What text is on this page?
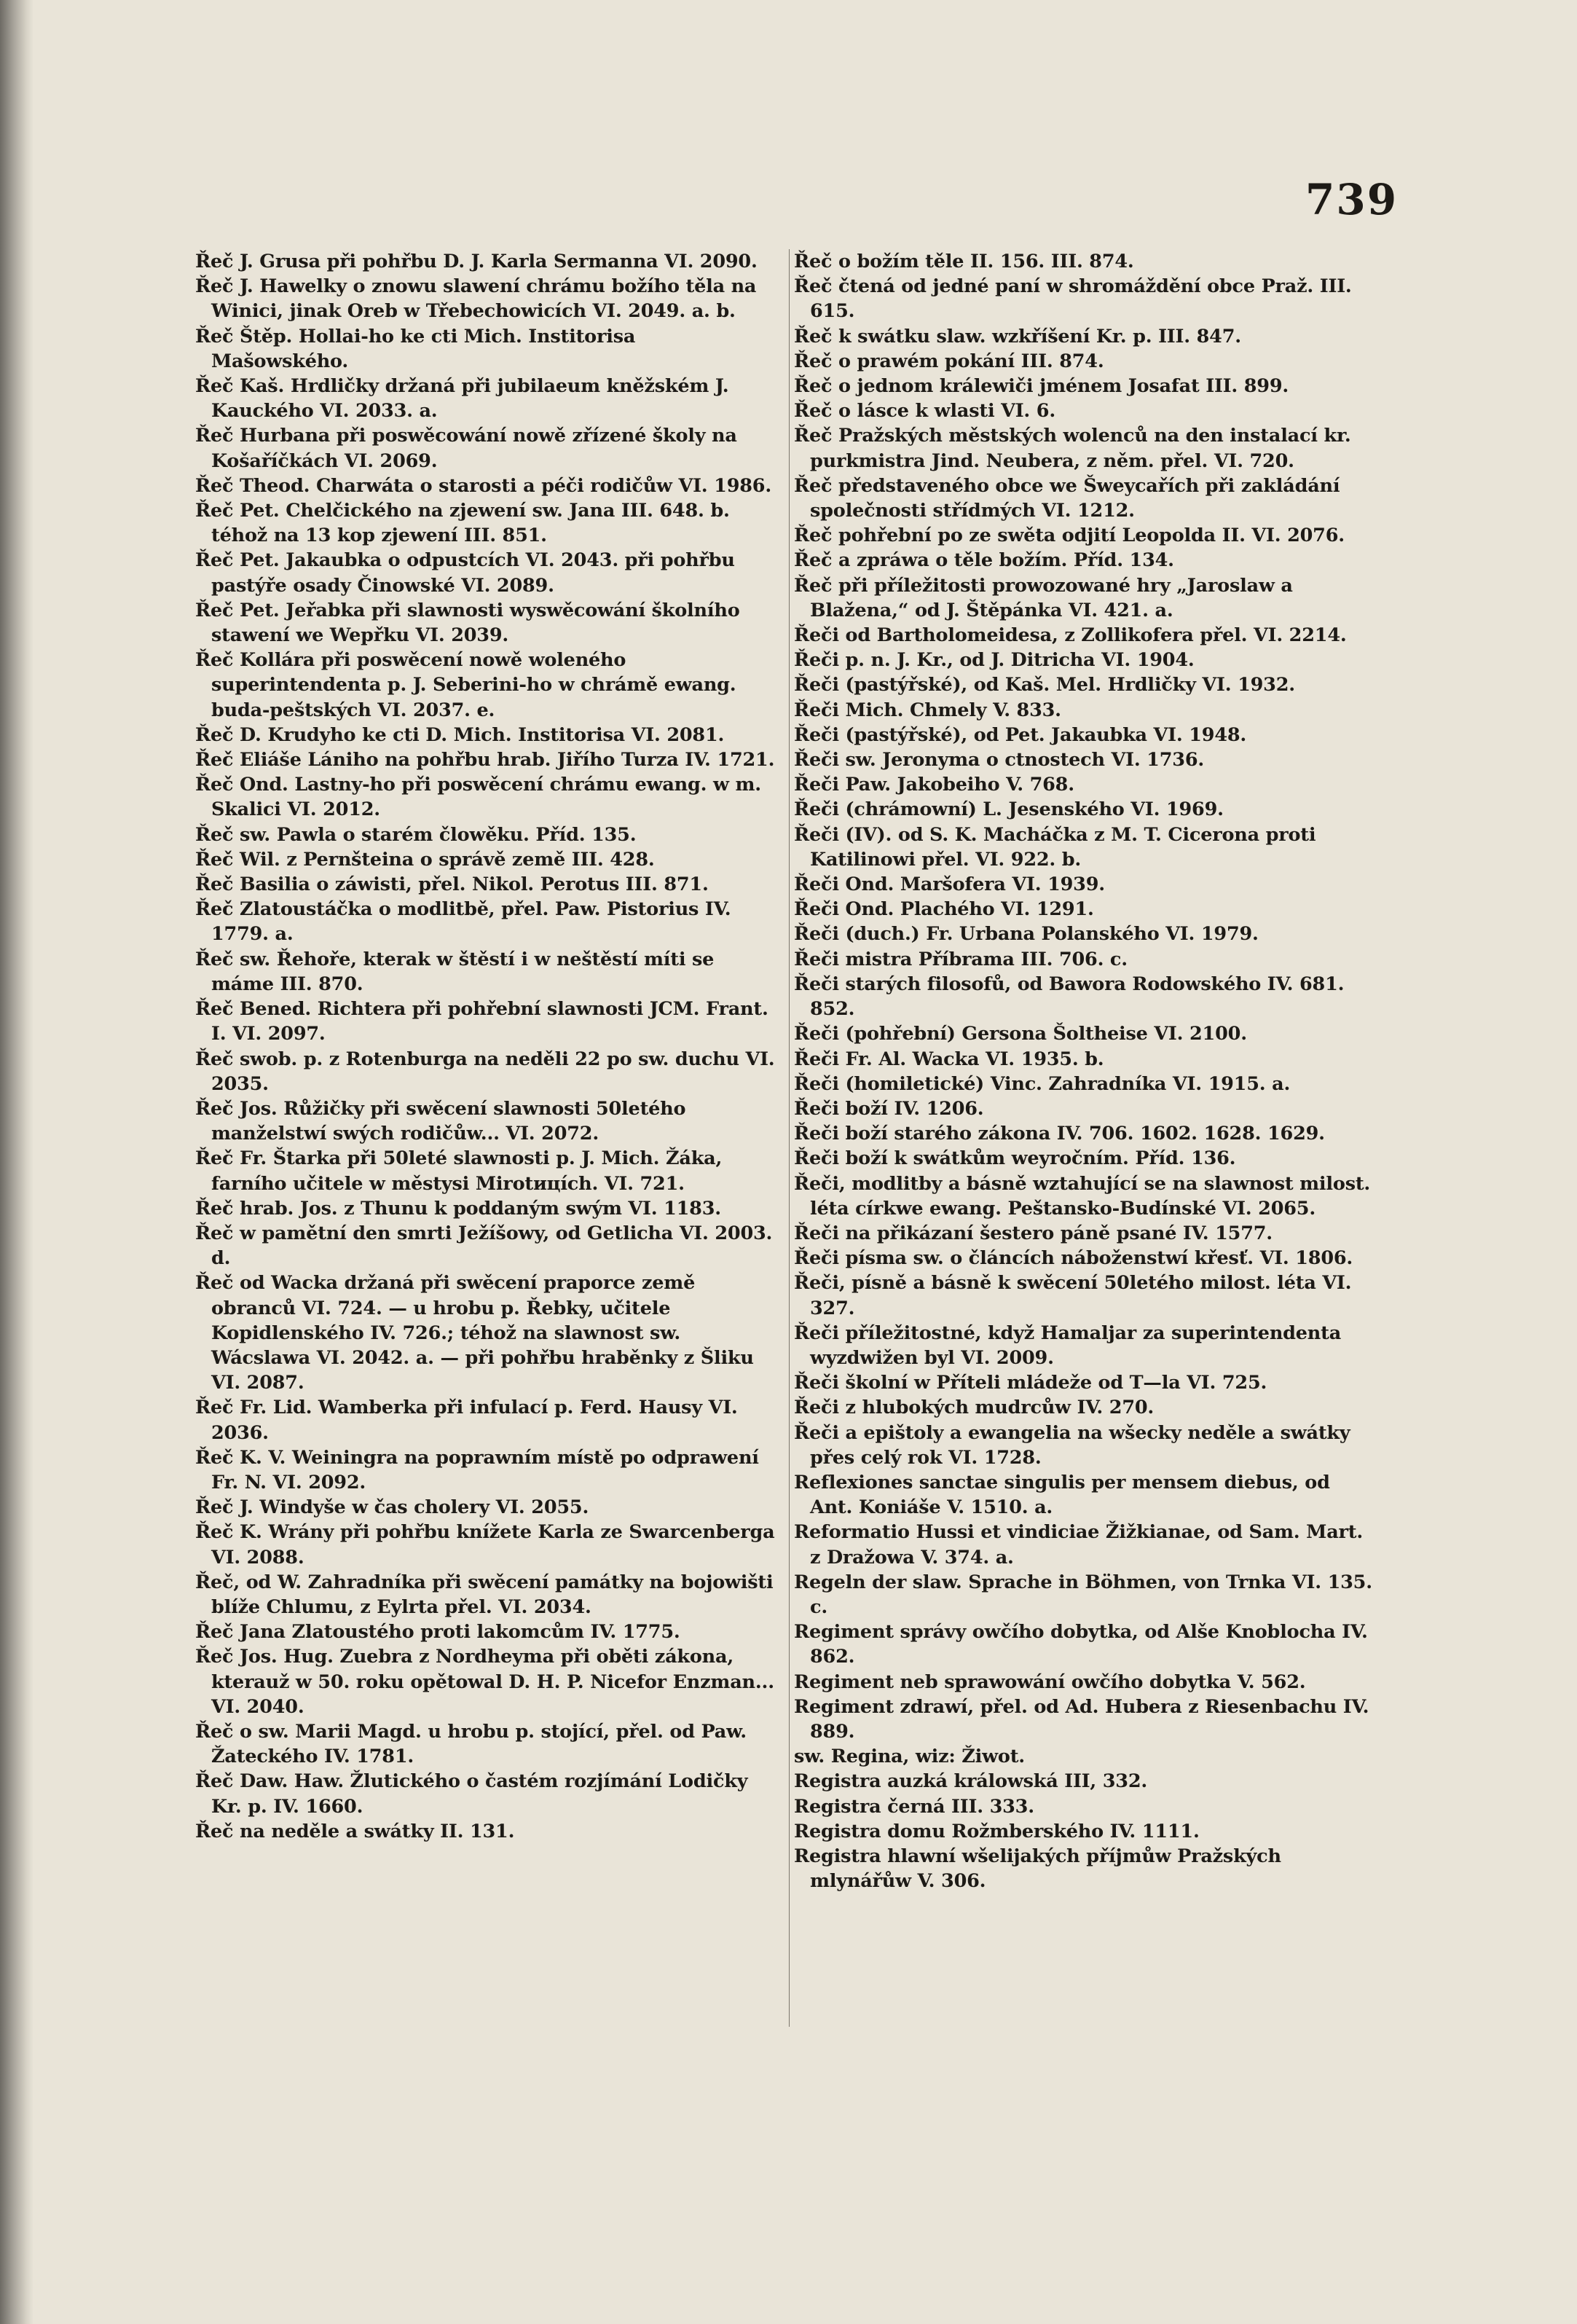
739

Řeč J. Grusa při pohřbu D. J. Karla Sermanna VI. 2090.

Řeč J. Hawelky o znowu slawení chrámu božího těla na Winici, jinak Oreb w Třebechowicích VI. 2049. a. b.

Řeč Štěp. Hollai-ho ke cti Mich. Institorisa Mašowského.

Řeč Kaš. Hrdličky držaná při jubilaeum kněžském J. Kauckého VI. 2033. a.

Řeč Hurbana při poswěcowání nowě zřízené školy na Košaříčkách VI. 2069.

Řeč Theod. Charwáta o starosti a péči rodičůw VI. 1986.

Řeč Pet. Chelčického na zjewení sw. Jana III. 648. b. téhož na 13 kop zjewení III. 851.

Řeč Pet. Jakaubka o odpustcích VI. 2043. při pohřbu pastýře osady Činowské VI. 2089.

Řeč Pet. Jeřabka při slawnosti wyswěcowání školního stawení we Wepřku VI. 2039.

Řeč Kollára při poswěcení nowě woleného superintendenta p. J. Seberini-ho w chrámě ewang. buda-peštských VI. 2037. e.

Řeč D. Krudyho ke cti D. Mich. Institorisa VI. 2081.

Řeč Eliáše Lániho na pohřbu hrab. Jiřího Turza IV. 1721.

Řeč Ond. Lastny-ho při poswěcení chrámu ewang. w m. Skalici VI. 2012.

Řeč sw. Pawla o starém člowěku. Příd. 135.

Řeč Wil. z Pernšteina o správě země III. 428.

Řeč Basilia o záwisti, přel. Nikol. Perotus III. 871.

Řeč Zlatoustáčka o modlitbě, přel. Paw. Pistorius IV. 1779. a.

Řeč sw. Řehoře, kterak w štěstí i w neštěstí míti se máme III. 870.

Řeč Bened. Richtera při pohřební slawnosti JCM. Frant. I. VI. 2097.

Řeč swob. p. z Rotenburga na neděli 22 po sw. duchu VI. 2035.

Řeč Jos. Růžičky při swěcení slawnosti 50letého manželstwí swých rodičůw... VI. 2072.

Řeč Fr. Štarka při 50leté slawnosti p. J. Mich. Žáka, farního učitele w městysi Mirotицích. VI. 721.

Řeč hrab. Jos. z Thunu k poddaným swým VI. 1183.

Řeč w pamětní den smrti Ježíšowy, od Getlicha VI. 2003. d.

Řeč od Wacka držaná při swěcení praporce země obranců VI. 724. — u hrobu p. Řebky, učitele Kopidlenského IV. 726.; téhož na slawnost sw. Wácslawa VI. 2042. a. — při pohřbu hraběnky z Šliku VI. 2087.

Řeč Fr. Lid. Wamberka při infulací p. Ferd. Hausy VI. 2036.

Řeč K. V. Weiningra na poprawním místě po odprawení Fr. N. VI. 2092.

Řeč J. Windyše w čas cholery VI. 2055.

Řeč K. Wrány při pohřbu knížete Karla ze Swarcenberga VI. 2088.

Řeč, od W. Zahradníka při swěcení památky na bojowišti blíže Chlumu, z Eylrta přel. VI. 2034.

Řeč Jana Zlatoustého proti lakomcům IV. 1775.

Řeč Jos. Hug. Zuebra z Nordheyma při oběti zákona, kterauž w 50. roku opětowal D. H. P. Nicefor Enzman... VI. 2040.

Řeč o sw. Marii Magd. u hrobu p. stojící, přel. od Paw. Žateckého IV. 1781.

Řeč Daw. Haw. Žlutického o častém rozjímání Lodičky Kr. p. IV. 1660.

Řeč na neděle a swátky II. 131.

Řeč o božím těle II. 156. III. 874.

Řeč čtená od jedné paní w shromáždění obce Praž. III. 615.

Řeč k swátku slaw. wzkříšení Kr. p. III. 847.

Řeč o prawém pokání III. 874.

Řeč o jednom králewiči jménem Josafat III. 899.

Řeč o lásce k wlasti VI. 6.

Řeč Pražských městských wolenců na den instalací kr. purkmistra Jind. Neubera, z něm. přel. VI. 720.

Řeč představeného obce we Šweycařích při zakládání společnosti střídmých VI. 1212.

Řeč pohřební po ze swěta odjití Leopolda II. VI. 2076.

Řeč a zpráwa o těle božím. Příd. 134.

Řeč při příležitosti prowozowané hry „Jaroslaw a Blažena,“ od J. Štěpánka VI. 421. a.

Řeči od Bartholomeidesa, z Zollikofera přel. VI. 2214.

Řeči p. n. J. Kr., od J. Ditricha VI. 1904.

Řeči (pastýřské), od Kaš. Mel. Hrdličky VI. 1932.

Řeči Mich. Chmely V. 833.

Řeči (pastýřské), od Pet. Jakaubka VI. 1948.

Řeči sw. Jeronyma o ctnostech VI. 1736.

Řeči Paw. Jakobeiho V. 768.

Řeči (chrámowní) L. Jesenského VI. 1969.

Řeči (IV). od S. K. Macháčka z M. T. Cicerona proti Katilinowi přel. VI. 922. b.

Řeči Ond. Maršofera VI. 1939.

Řeči Ond. Plachého VI. 1291.

Řeči (duch.) Fr. Urbana Polanského VI. 1979.

Řeči mistra Příbrama III. 706. c.

Řeči starých filosofů, od Bawora Rodowského IV. 681. 852.

Řeči (pohřební) Gersona Šoltheise VI. 2100.

Řeči Fr. Al. Wacka VI. 1935. b.

Řeči (homiletické) Vinc. Zahradníka VI. 1915. a.

Řeči boží IV. 1206.

Řeči boží starého zákona IV. 706. 1602. 1628. 1629.

Řeči boží k swátkům weyročním. Příd. 136.

Řeči, modlitby a básně wztahující se na slawnost milost. léta církwe ewang. Peštansko-Budínské VI. 2065.

Řeči na přikázaní šestero páně psané IV. 1577.

Řeči písma sw. o článcích náboženstwí křesť. VI. 1806.

Řeči, písně a básně k swěcení 50letého milost. léta VI. 327.

Řeči příležitostné, když Hamaljar za superintendenta wyzdwižen byl VI. 2009.

Řeči školní w Příteli mládeže od T—la VI. 725.

Řeči z hlubokých mudrcůw IV. 270.

Řeči a epištoly a ewangelia na wšecky neděle a swátky přes celý rok VI. 1728.

Reflexiones sanctae singulis per mensem diebus, od Ant. Koniáše V. 1510. a.

Reformatio Hussi et vindiciae Žižkianae, od Sam. Mart. z Dražowa V. 374. a.

Regeln der slaw. Sprache in Böhmen, von Trnka VI. 135. c.

Regiment správy owčího dobytka, od Alše Knoblocha IV. 862.

Regiment neb sprawowání owčího dobytka V. 562.

Regiment zdrawí, přel. od Ad. Hubera z Riesenbachu IV. 889.

sw. Regina, wiz: Žiwot.

Registra auzká králowská III, 332.

Registra černá III. 333.

Registra domu Rožmberského IV. 1111.

Registra hlawní wšelijakých příjmůw Pražských mlynářůw V. 306.
